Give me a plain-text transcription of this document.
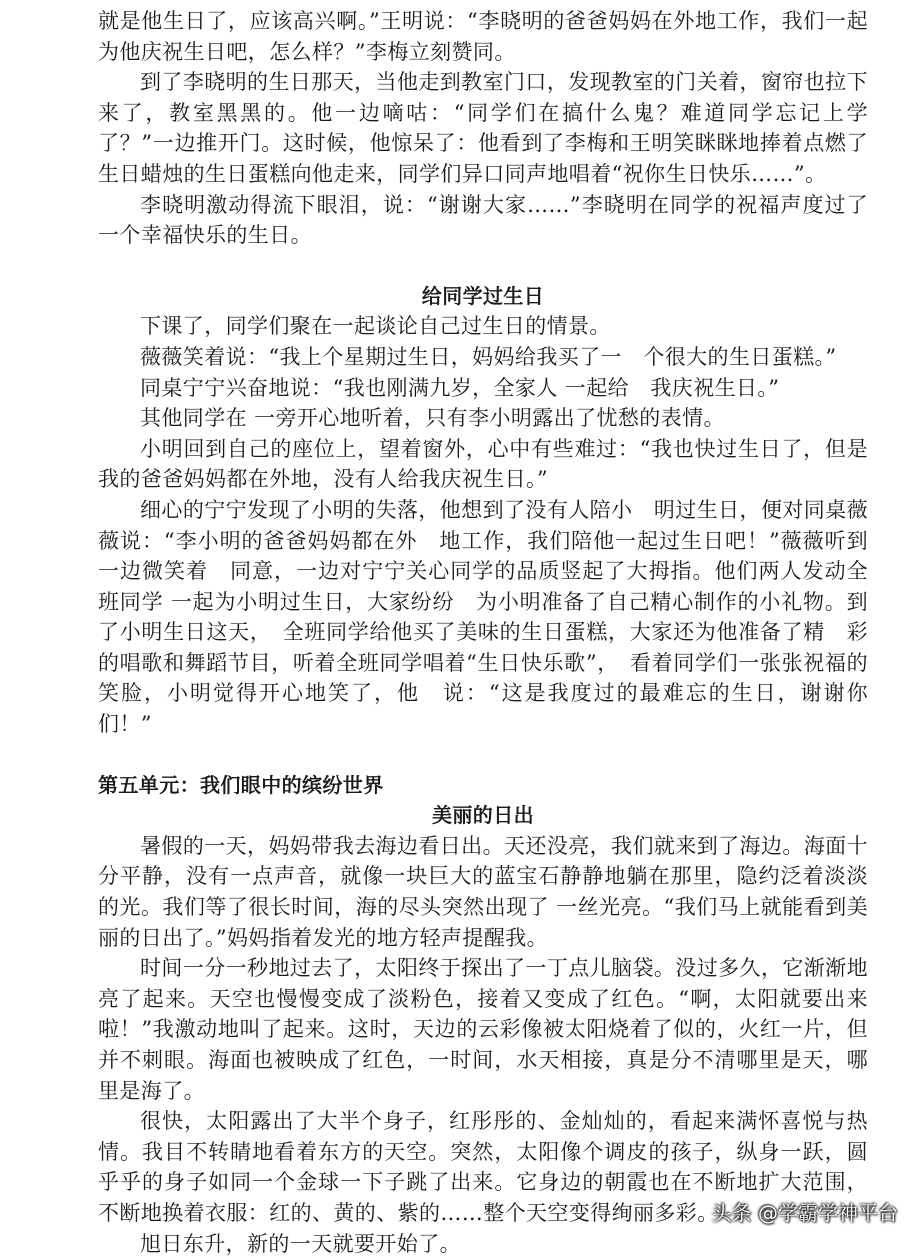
就是他生日了，应该高兴啊。”王明说：“李晓明的爸爸妈妈在外地工作，我们一起为他庆祝生日吧，怎么样？”李梅立刻赞同。

到了李晓明的生日那天，当他走到教室门口，发现教室的门关着，窗帘也拉下来了，教室黑黑的。他一边嘀咕：“同学们在搞什么鬼？难道同学忘记上学了？”一边推开门。这时候，他惊呆了：他看到了李梅和王明笑眯眯地捧着点燃了生日蜡烛的生日蛋糕向他走来，同学们异口同声地唱着“祝你生日快乐……”。

李晓明激动得流下眼泪，说：“谢谢大家……”李晓明在同学的祝福声度过了一个幸福快乐的生日。

给同学过生日

下课了，同学们聚在一起谈论自己过生日的情景。

薇薇笑着说：“我上个星期过生日，妈妈给我买了一　个很大的生日蛋糕。”

同桌宁宁兴奋地说：“我也刚满九岁，全家人 一起给　我庆祝生日。”

其他同学在 一旁开心地听着，只有李小明露出了忧愁的表情。

小明回到自己的座位上，望着窗外，心中有些难过：“我也快过生日了，但是我的爸爸妈妈都在外地，没有人给我庆祝生日。”

细心的宁宁发现了小明的失落，他想到了没有人陪小　明过生日，便对同桌薇薇说：“李小明的爸爸妈妈都在外　地工作，我们陪他一起过生日吧！”薇薇听到一边微笑着　同意，一边对宁宁关心同学的品质竖起了大拇指。他们两人发动全班同学 一起为小明过生日，大家纷纷　为小明准备了自己精心制作的小礼物。到了小明生日这天，　全班同学给他买了美味的生日蛋糕，大家还为他准备了精　彩的唱歌和舞蹈节目，听着全班同学唱着“生日快乐歌”，　看着同学们一张张祝福的笑脸，小明觉得开心地笑了，他　说：“这是我度过的最难忘的生日，谢谢你们！”

第五单元：我们眼中的缤纷世界

美丽的日出

暑假的一天，妈妈带我去海边看日出。天还没亮，我们就来到了海边。海面十分平静，没有一点声音，就像一块巨大的蓝宝石静静地躺在那里，隐约泛着淡淡的光。我们等了很长时间，海的尽头突然出现了 一丝光亮。“我们马上就能看到美丽的日出了。”妈妈指着发光的地方轻声提醒我。

时间一分一秒地过去了，太阳终于探出了一丁点儿脑袋。没过多久，它渐渐地亮了起来。天空也慢慢变成了淡粉色，接着又变成了红色。“啊，太阳就要出来啦！”我激动地叫了起来。这时，天边的云彩像被太阳烧着了似的，火红一片，但并不刺眼。海面也被映成了红色，一时间，水天相接，真是分不清哪里是天，哪里是海了。

很快，太阳露出了大半个身子，红彤彤的、金灿灿的，看起来满怀喜悦与热情。我目不转睛地看着东方的天空。突然，太阳像个调皮的孩子，纵身一跃，圆乎乎的身子如同一个金球一下子跳了出来。它身边的朝霞也在不断地扩大范围，不断地换着衣服：红的、黄的、紫的……整个天空变得绚丽多彩。

旭日东升，新的一天就要开始了。

头条 @学霸学神平台
